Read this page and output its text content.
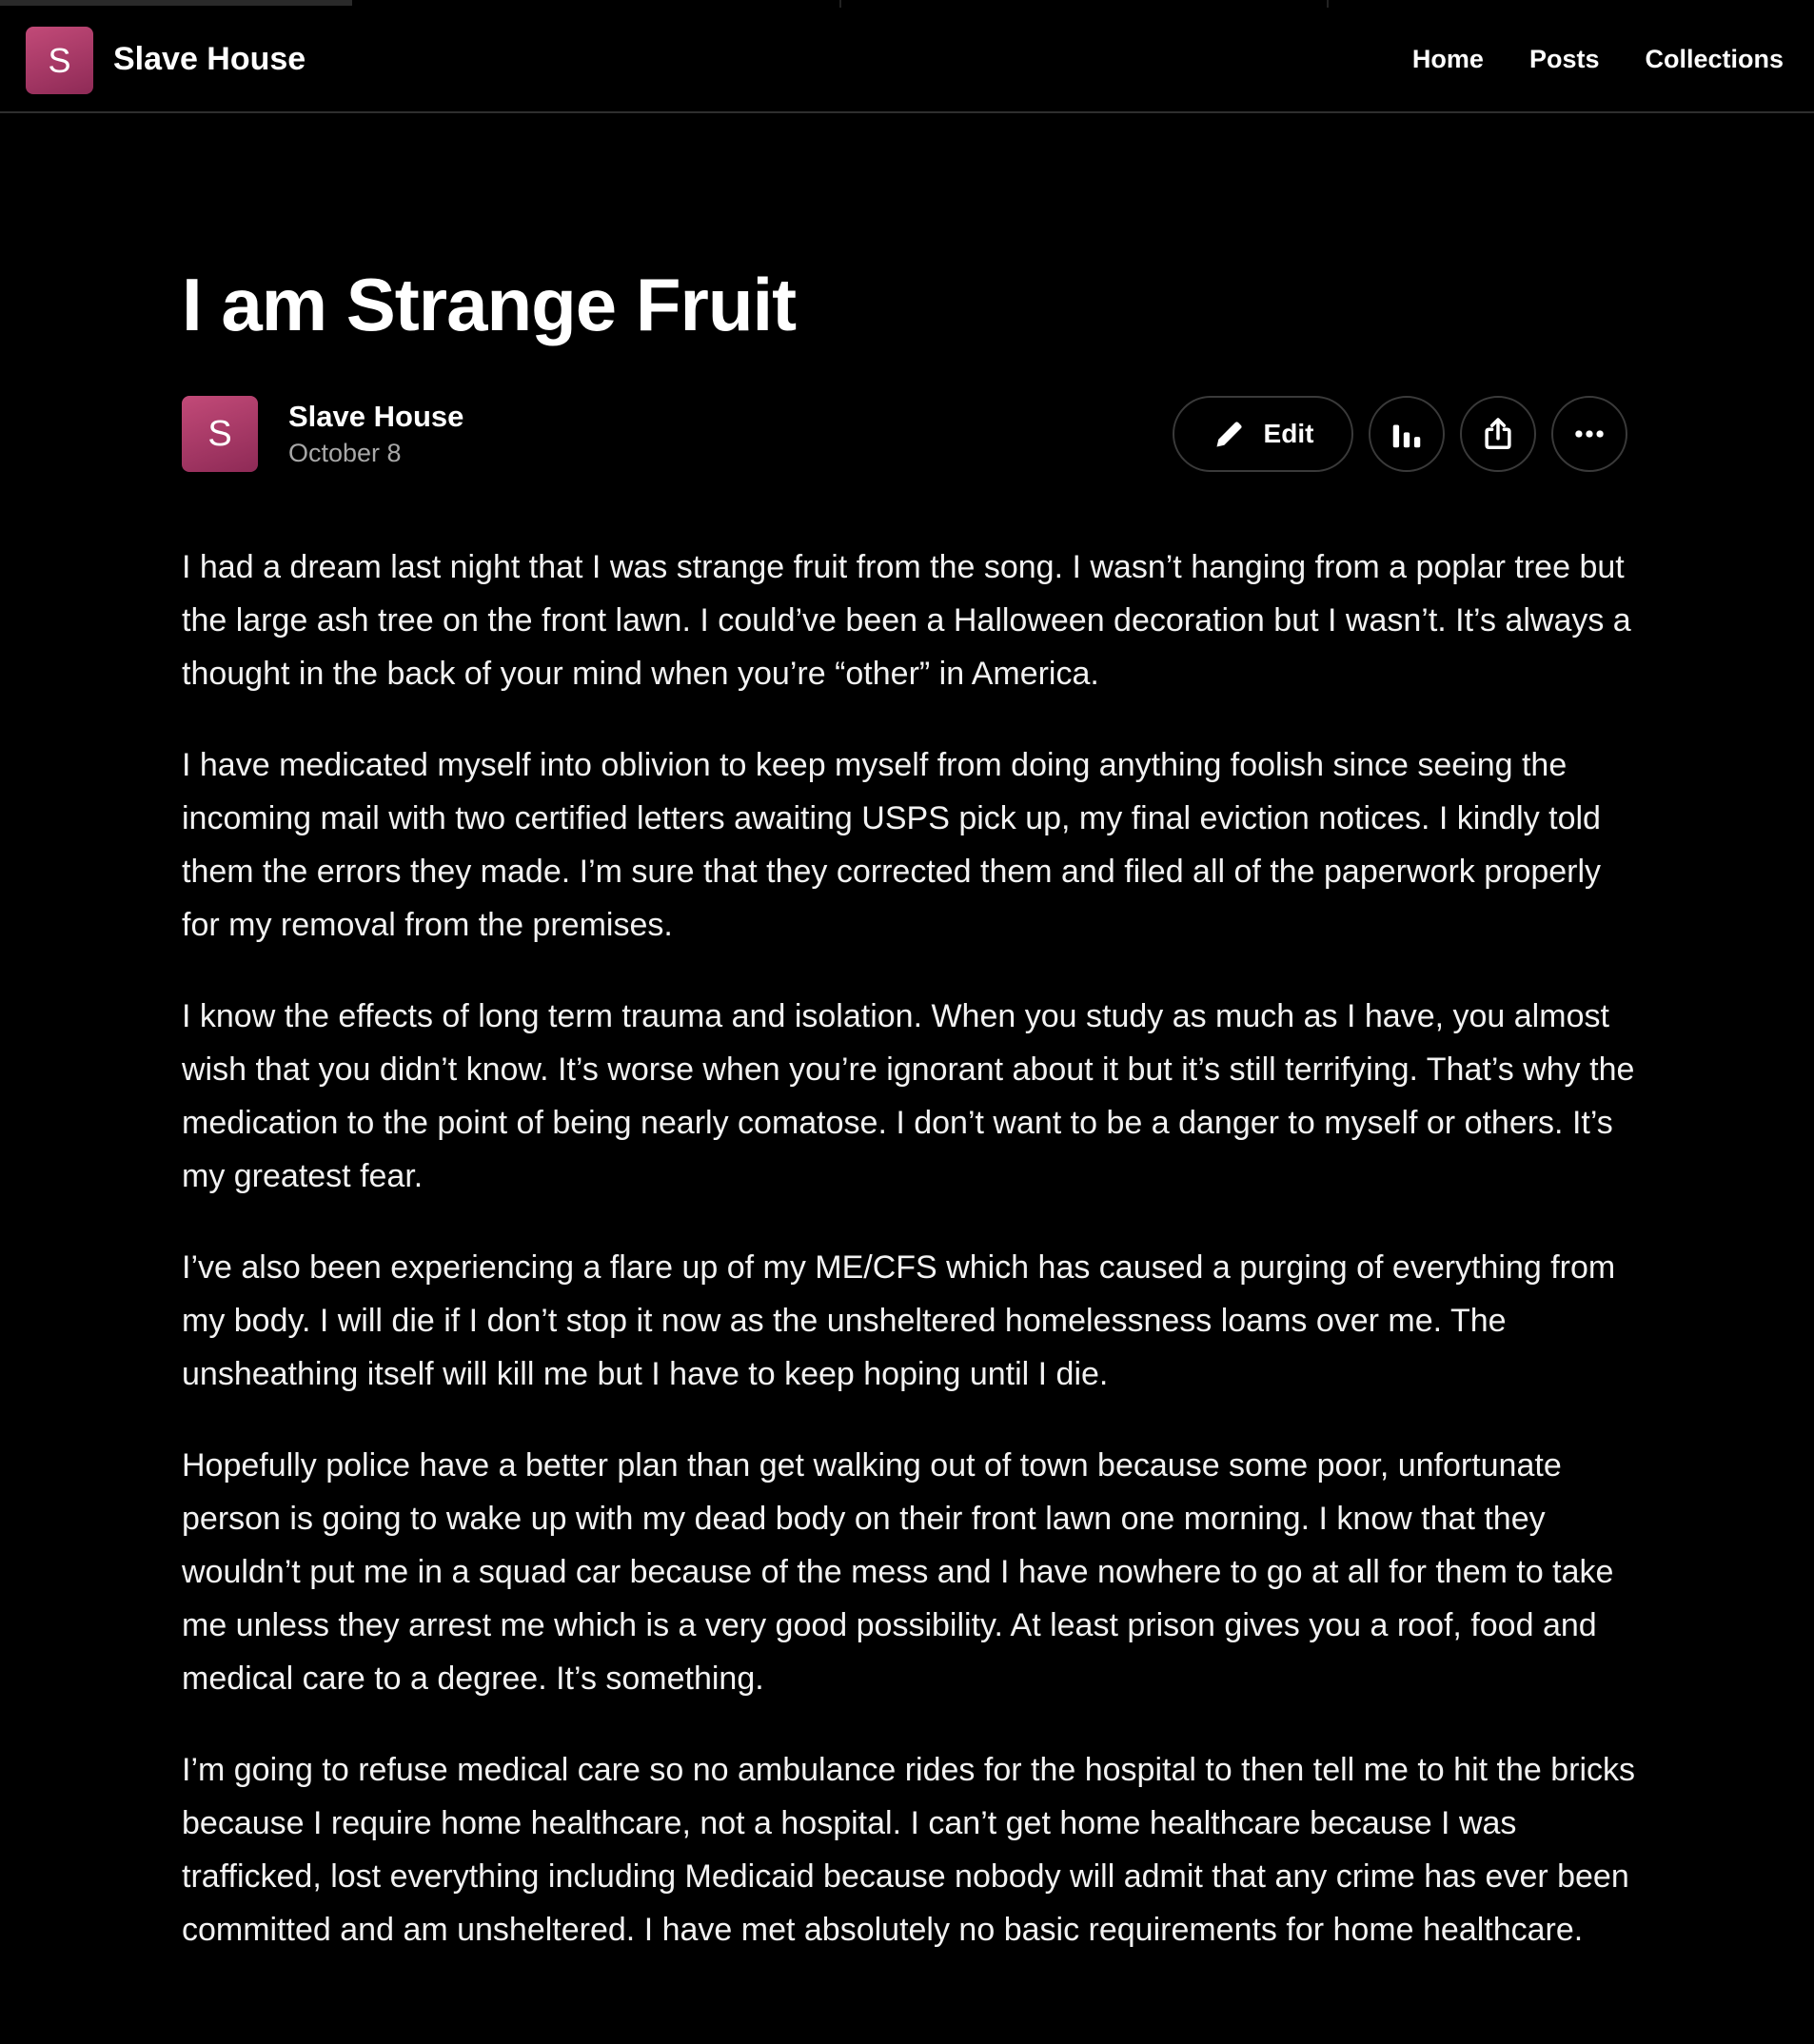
S Slave House	Home Posts Collections
I am Strange Fruit
S Slave House
October 8
Edit

I had a dream last night that I was strange fruit from the song. I wasn’t hanging from a poplar tree but the large ash tree on the front lawn. I could’ve been a Halloween decoration but I wasn’t. It’s always a thought in the back of your mind when you’re “other” in America.

I have medicated myself into oblivion to keep myself from doing anything foolish since seeing the incoming mail with two certified letters awaiting USPS pick up, my final eviction notices. I kindly told them the errors they made. I’m sure that they corrected them and filed all of the paperwork properly for my removal from the premises.

I know the effects of long term trauma and isolation. When you study as much as I have, you almost wish that you didn’t know. It’s worse when you’re ignorant about it but it’s still terrifying. That’s why the medication to the point of being nearly comatose. I don’t want to be a danger to myself or others. It’s my greatest fear.

I’ve also been experiencing a flare up of my ME/CFS which has caused a purging of everything from my body. I will die if I don’t stop it now as the unsheltered homelessness loams over me. The unsheathing itself will kill me but I have to keep hoping until I die.

Hopefully police have a better plan than get walking out of town because some poor, unfortunate person is going to wake up with my dead body on their front lawn one morning. I know that they wouldn’t put me in a squad car because of the mess and I have nowhere to go at all for them to take me unless they arrest me which is a very good possibility. At least prison gives you a roof, food and medical care to a degree. It’s something.

I’m going to refuse medical care so no ambulance rides for the hospital to then tell me to hit the bricks because I require home healthcare, not a hospital. I can’t get home healthcare because I was trafficked, lost everything including Medicaid because nobody will admit that any crime has ever been committed and am unsheltered. I have met absolutely no basic requirements for home healthcare.
